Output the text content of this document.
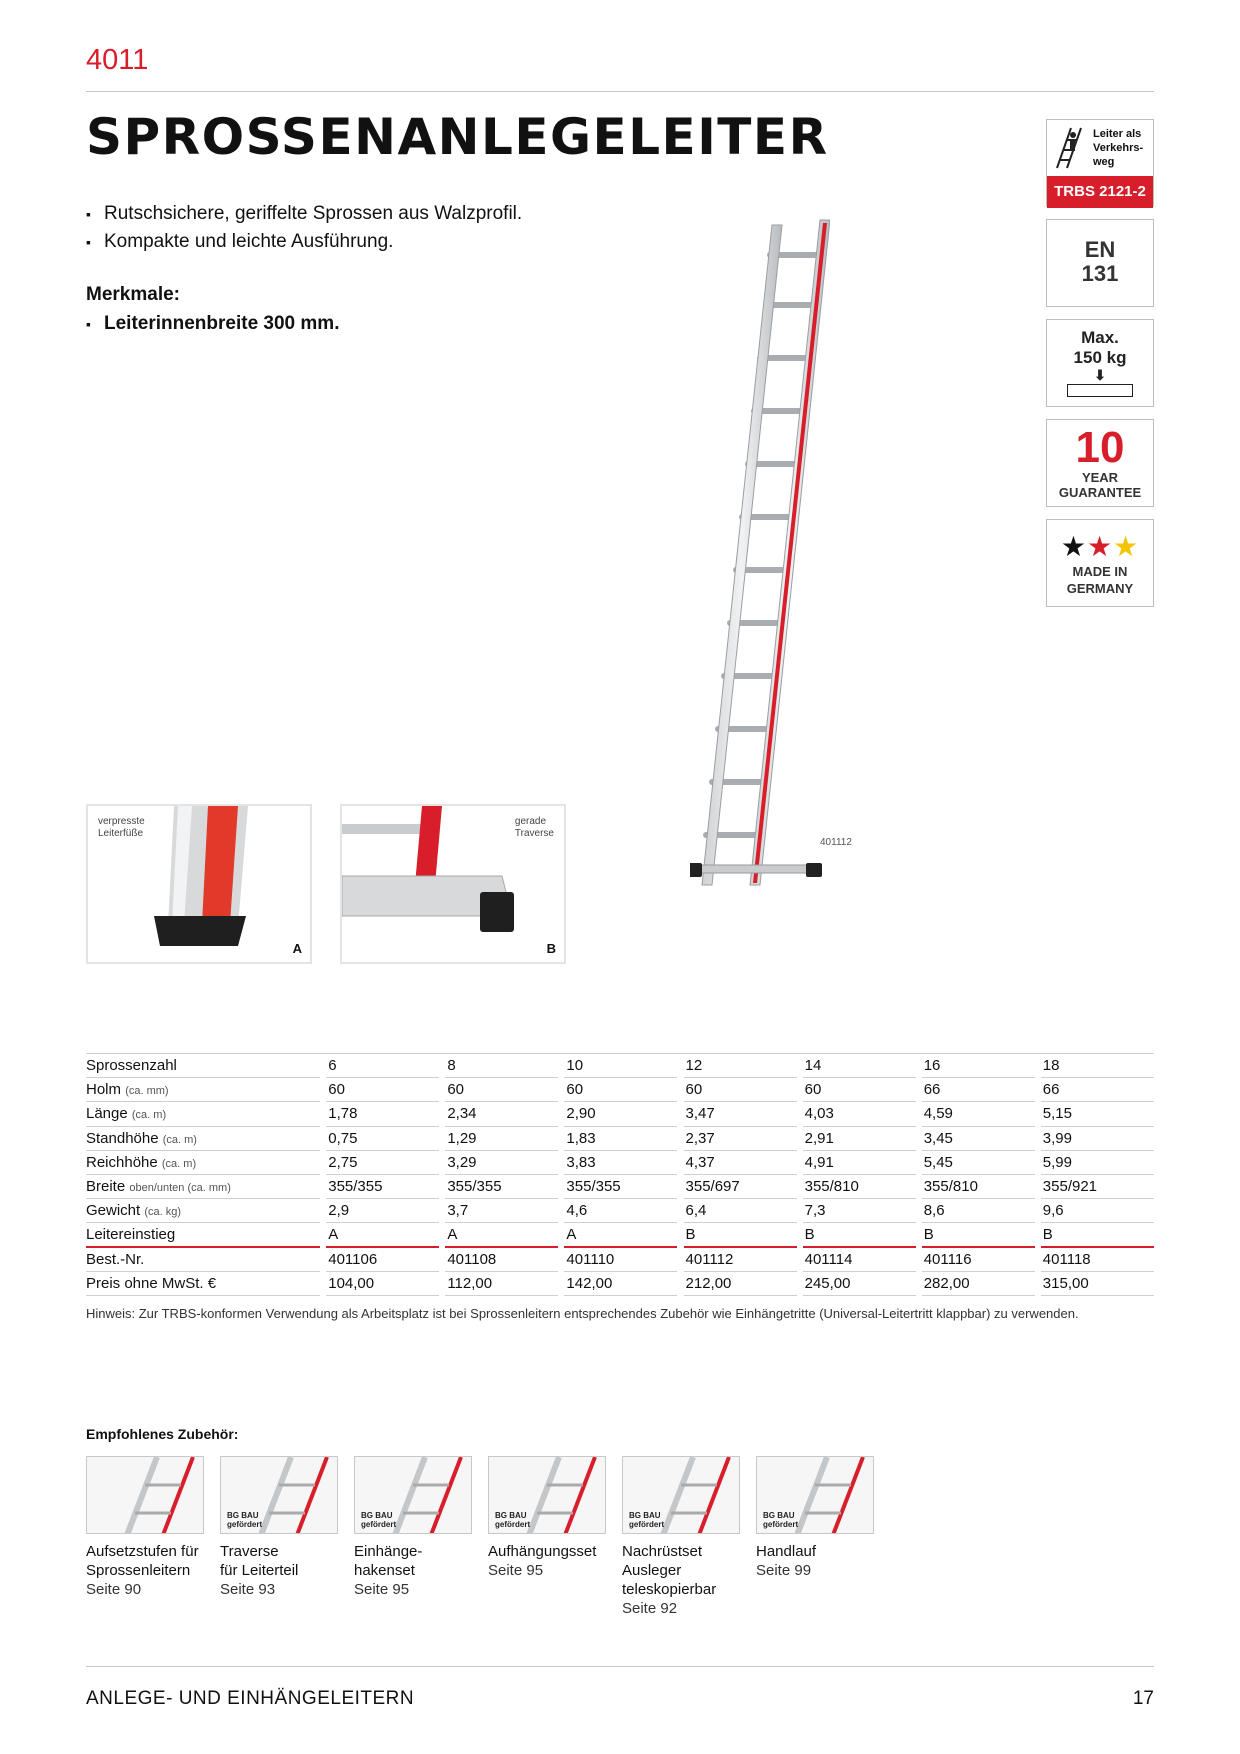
4011
SPROSSENANLEGELEITER
▪ Rutschsichere, geriffelte Sprossen aus Walzprofil.
▪ Kompakte und leichte Ausführung.
Merkmale:
▪ Leiterinnenbreite 300 mm.
Leiter als
Verkehrs-
weg
TRBS 2121-2
EN
131
Max.
150 kg
⬇
10
YEAR
GUARANTEE
★★★
MADE IN
GERMANY
401112
verpresste
Leiterfüße
A
gerade
Traverse
B
Sprossenzahl		6		8		10		12		14		16		18
Holm (ca. mm)		60		60		60		60		60		66		66
Länge (ca. m)		1,78		2,34		2,90		3,47		4,03		4,59		5,15
Standhöhe (ca. m)		0,75		1,29		1,83		2,37		2,91		3,45		3,99
Reichhöhe (ca. m)		2,75		3,29		3,83		4,37		4,91		5,45		5,99
Breite oben/unten (ca. mm)		355/355		355/355		355/355		355/697		355/810		355/810		355/921
Gewicht (ca. kg)		2,9		3,7		4,6		6,4		7,3		8,6		9,6
Leitereinstieg		A		A		A		B		B		B		B
Best.-Nr.		401106		401108		401110		401112		401114		401116		401118
Preis ohne MwSt. €		104,00		112,00		142,00		212,00		245,00		282,00		315,00
Hinweis: Zur TRBS-konformen Verwendung als Arbeitsplatz ist bei Sprossenleitern entsprechendes Zubehör wie Einhängetritte (Universal-Leitertritt klappbar) zu verwenden.
Empfohlenes Zubehör:
Aufsetzstufen für
Sprossenleitern
Seite 90
BG BAU
gefördert
Traverse
für Leiterteil
Seite 93
BG BAU
gefördert
Einhänge-
hakenset
Seite 95
BG BAU
gefördert
Aufhängungsset
Seite 95
BG BAU
gefördert
Nachrüstset
Ausleger
teleskopierbar
Seite 92
BG BAU
gefördert
Handlauf
Seite 99
ANLEGE- UND EINHÄNGELEITERN	17
